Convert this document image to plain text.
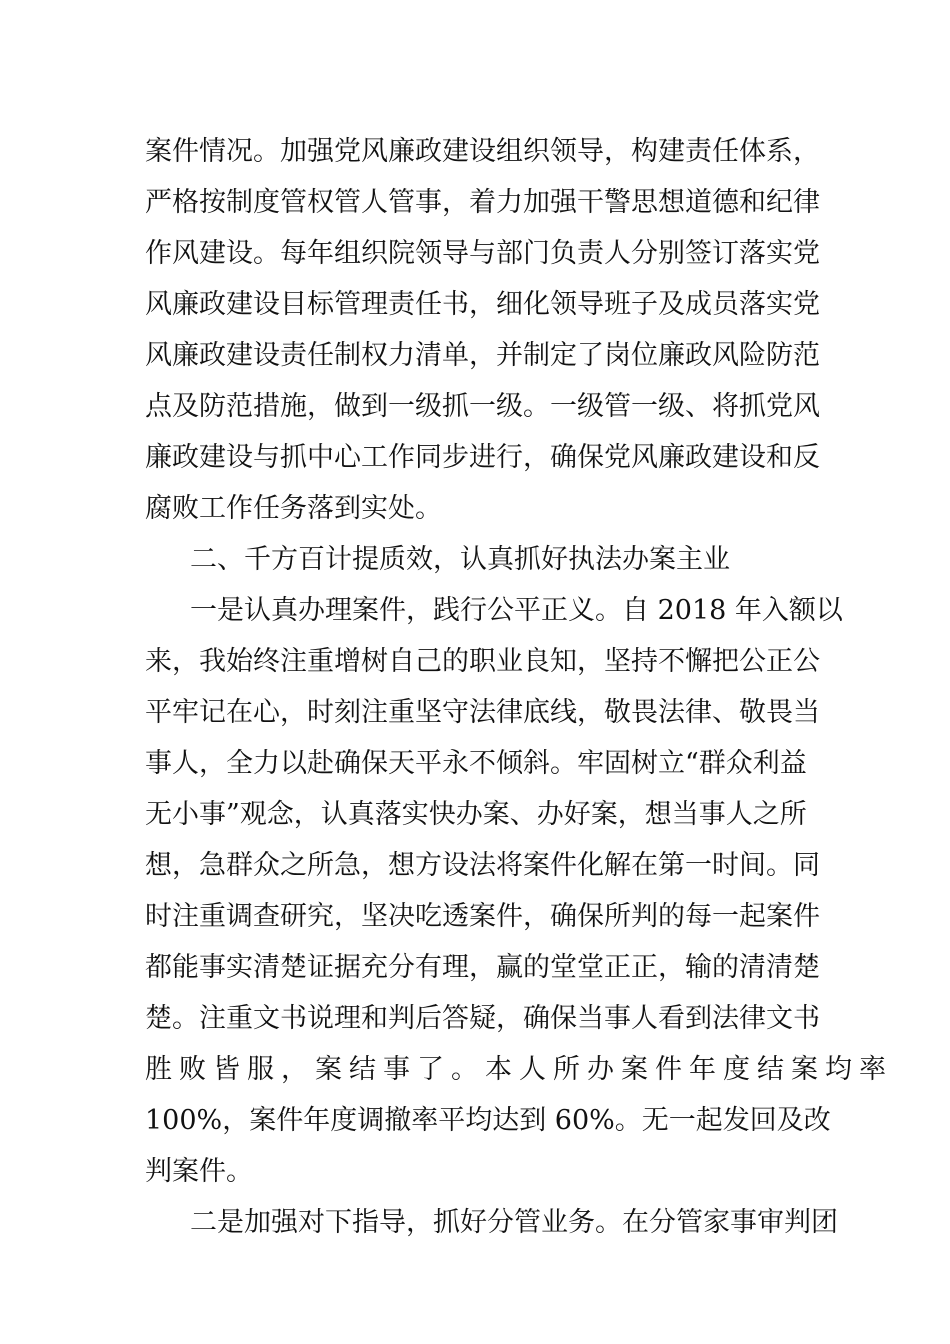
案件情况。加强党风廉政建设组织领导，构建责任体系，
严格按制度管权管人管事，着力加强干警思想道德和纪律
作风建设。每年组织院领导与部门负责人分别签订落实党
风廉政建设目标管理责任书，细化领导班子及成员落实党
风廉政建设责任制权力清单，并制定了岗位廉政风险防范
点及防范措施，做到一级抓一级。一级管一级、将抓党风
廉政建设与抓中心工作同步进行，确保党风廉政建设和反
腐败工作任务落到实处。
二、千方百计提质效，认真抓好执法办案主业
一是认真办理案件，践行公平正义。自 2018 年入额以
来，我始终注重增树自己的职业良知，坚持不懈把公正公
平牢记在心，时刻注重坚守法律底线，敬畏法律、敬畏当
事人，全力以赴确保天平永不倾斜。牢固树立“群众利益
无小事”观念，认真落实快办案、办好案，想当事人之所
想，急群众之所急，想方设法将案件化解在第一时间。同
时注重调查研究，坚决吃透案件，确保所判的每一起案件
都能事实清楚证据充分有理，赢的堂堂正正，输的清清楚
楚。注重文书说理和判后答疑，确保当事人看到法律文书
胜败皆服，案结事了。本人所办案件年度结案均率
100%，案件年度调撤率平均达到 60%。无一起发回及改
判案件。
二是加强对下指导，抓好分管业务。在分管家事审判团
